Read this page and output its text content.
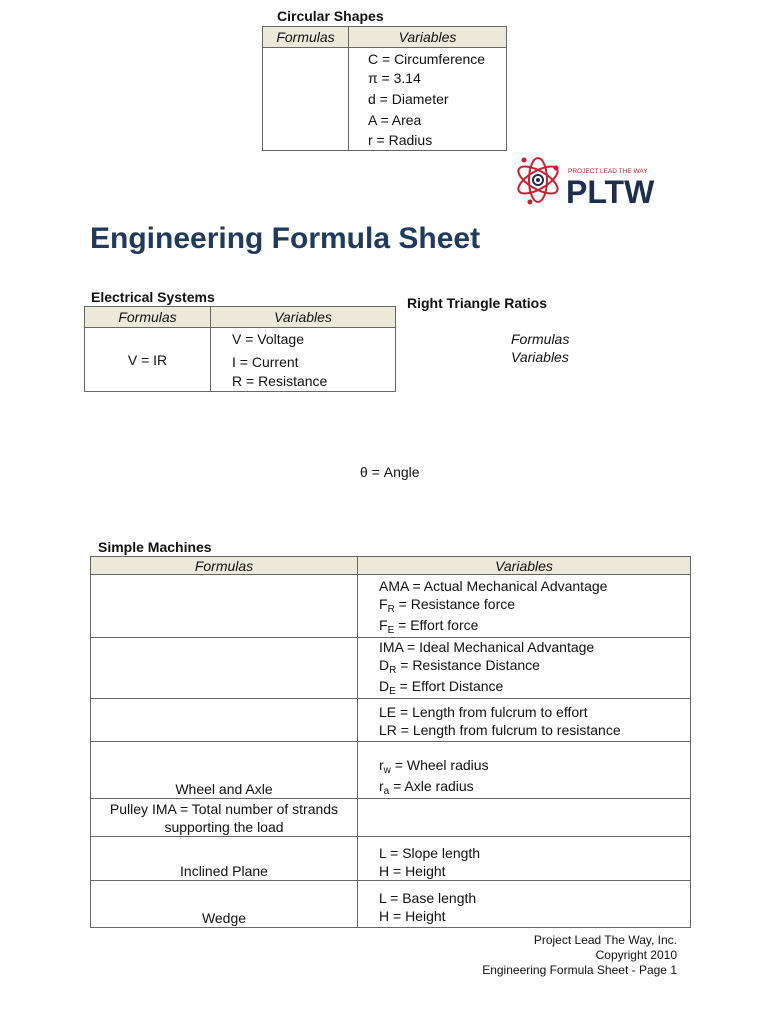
Circular Shapes
Formulas	Variables

	C = Circumference
π = 3.14
d = Diameter
A = Area
r = Radius
PROJECT LEAD THE WAY
PLTW
Engineering Formula Sheet
Electrical Systems
Formulas	Variables
V = IR	V = Voltage
I = Current
R = Resistance
Right Triangle Ratios
Formulas
Variables
θ = Angle
Simple Machines
Formulas	Variables

	AMA = Actual Mechanical Advantage
$F_R$ = Resistance force
$F_E$ = Effort force

	IMA = Ideal Mechanical Advantage
$D_R$ = Resistance Distance
$D_E$ = Effort Distance

	LE = Length from fulcrum to effort
LR = Length from fulcrum to resistance

Wheel and Axle	$r_w$ = Wheel radius
$r_a$ = Axle radius

Pulley IMA = Total number of strands supporting the load	
Inclined Plane	L = Slope length
H = Height

Wedge	L = Base length
H = Height
Project Lead The Way, Inc.
Copyright 2010
Engineering Formula Sheet - Page 1
